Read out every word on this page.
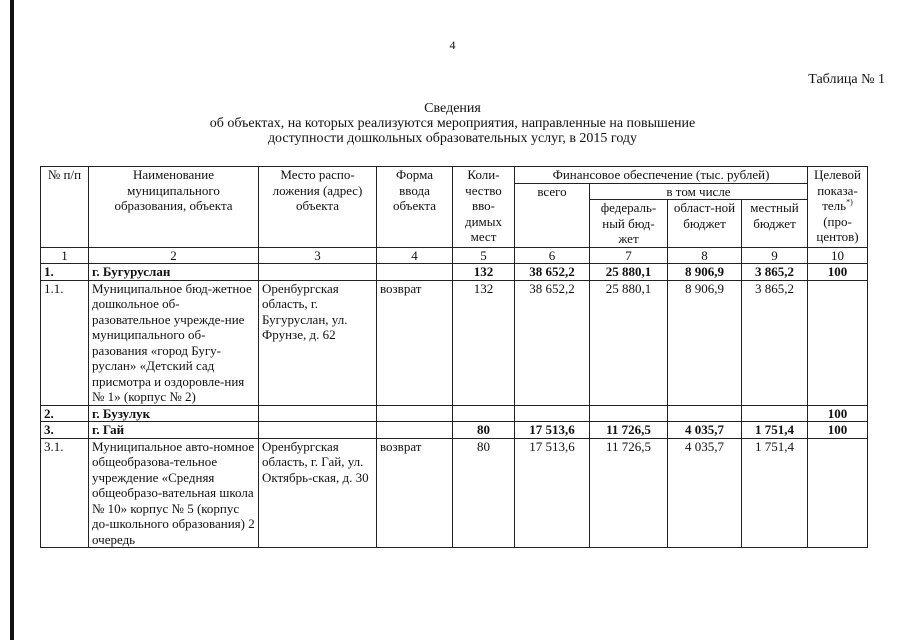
4
Таблица № 1
Сведения
об объектах, на которых реализуются мероприятия, направленные на повышение
доступности дошкольных образовательных услуг, в 2015 году
№ п/п	Наименование муниципального образования, объекта	Место распо-ложения (адрес) объекта	Форма ввода объекта	Коли-чество вво-димых мест	Финансовое обеспечение (тыс. рублей)				Целевой показа-тель*) (про-центов)
					всего	в том числе			
						федераль-ный бюд-жет	област-ной бюджет	местный бюджет	
1	2	3	4	5	6	7	8	9	10
1.	г. Бугуруслан			132	38 652,2	25 880,1	8 906,9	3 865,2	100
1.1.	Муниципальное бюд-жетное дошкольное об-разовательное учрежде-ние муниципального об-разования «город Бугу-руслан» «Детский сад присмотра и оздоровле-ния № 1» (корпус № 2)	Оренбургская область, г. Бугуруслан, ул. Фрунзе, д. 62	возврат	132	38 652,2	25 880,1	8 906,9	3 865,2	
2.	г. Бузулук								100
3.	г. Гай			80	17 513,6	11 726,5	4 035,7	1 751,4	100
3.1.	Муниципальное авто-номное общеобразова-тельное учреждение «Средняя общеобразо-вательная школа № 10» корпус № 5 (корпус до-школьного образования) 2 очередь	Оренбургская область, г. Гай, ул. Октябрь-ская, д. 30	возврат	80	17 513,6	11 726,5	4 035,7	1 751,4	
